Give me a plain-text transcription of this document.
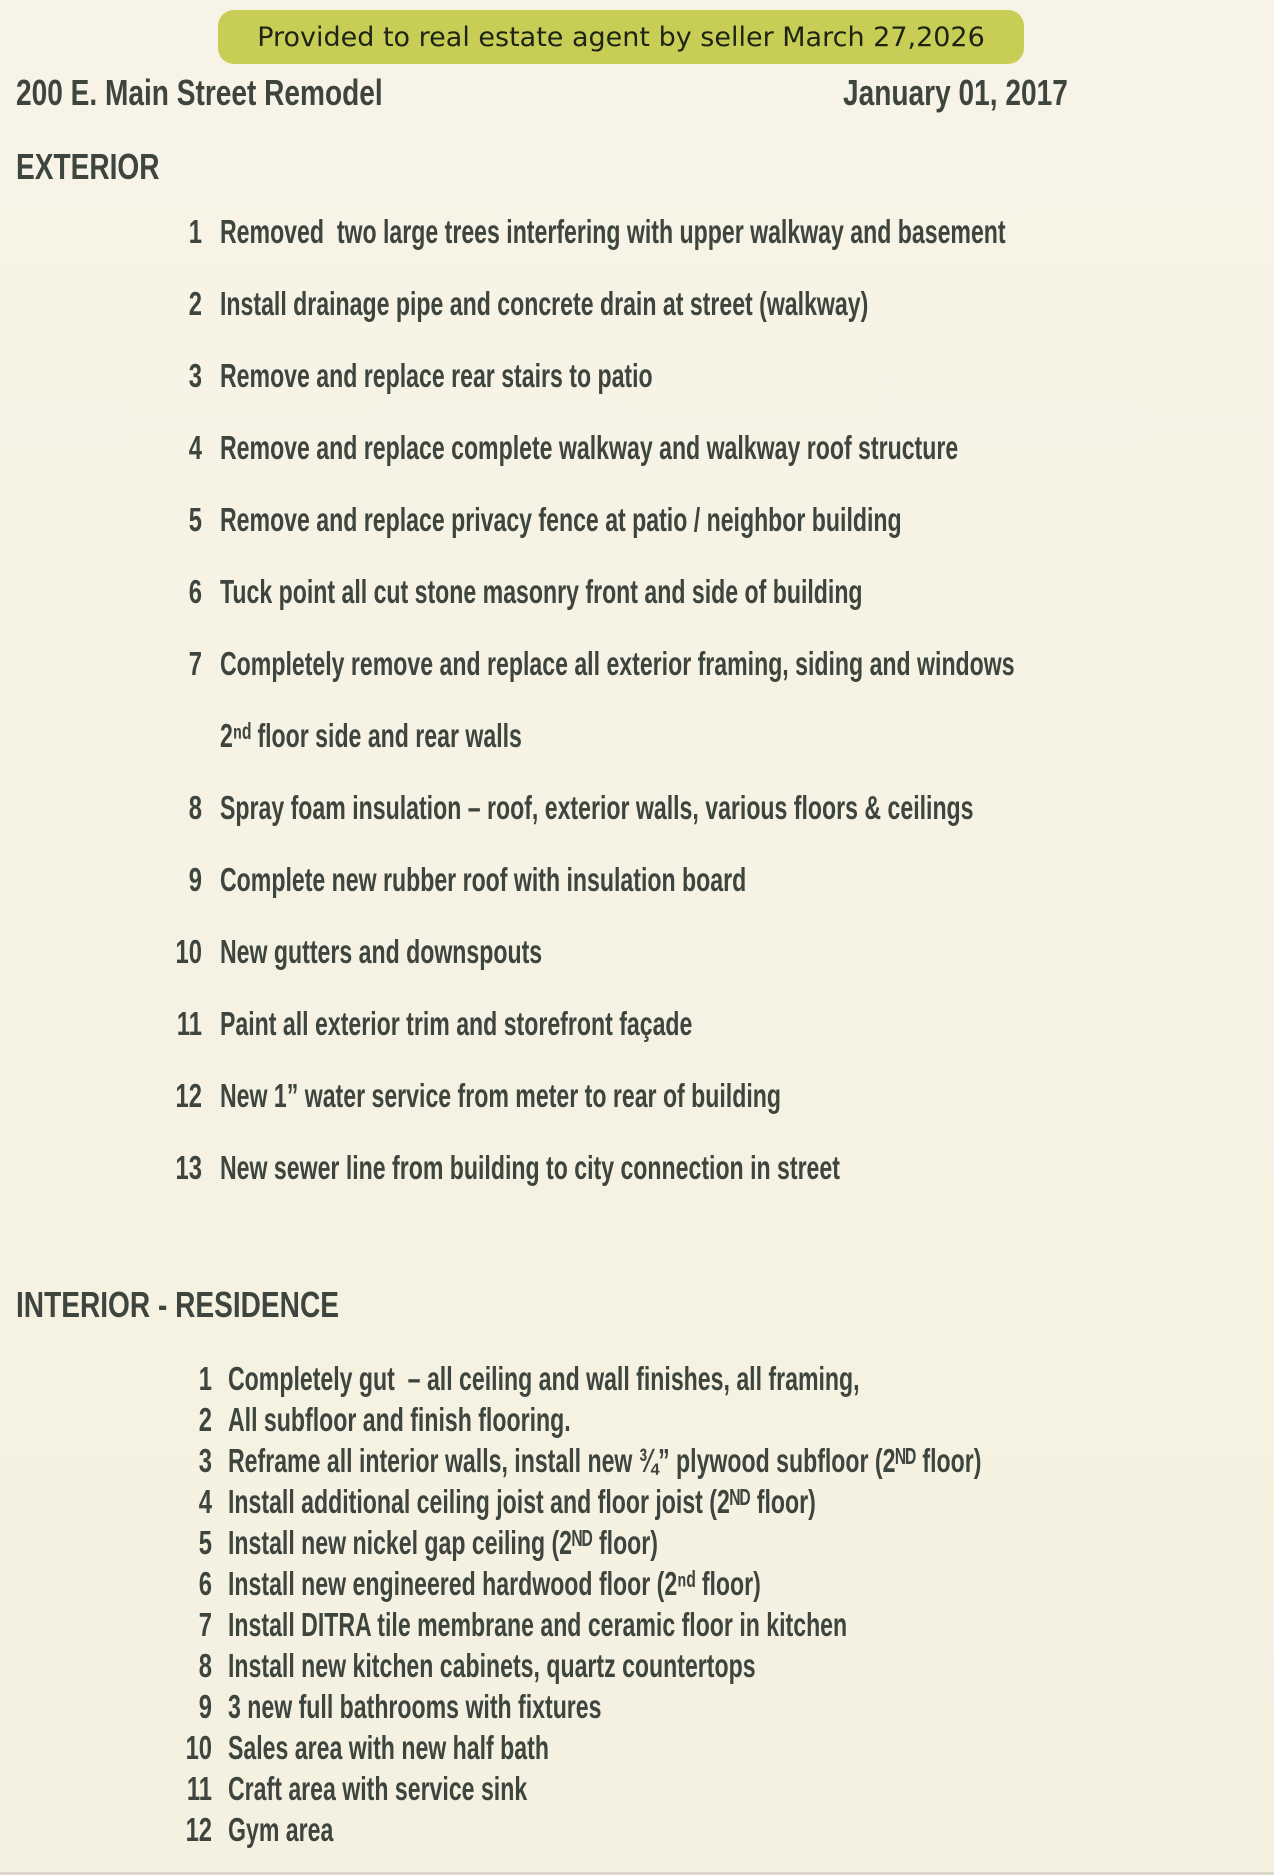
Provided to real estate agent by seller March 27,2026
200 E. Main Street Remodel	January 01, 2017
EXTERIOR
1 Removed  two large trees interfering with upper walkway and basement
2 Install drainage pipe and concrete drain at street (walkway)
3 Remove and replace rear stairs to patio
4 Remove and replace complete walkway and walkway roof structure
5 Remove and replace privacy fence at patio / neighbor building
6 Tuck point all cut stone masonry front and side of building
7 Completely remove and replace all exterior framing, siding and windows
2ⁿᵈ floor side and rear walls
8 Spray foam insulation – roof, exterior walls, various floors & ceilings
9 Complete new rubber roof with insulation board
10 New gutters and downspouts
11 Paint all exterior trim and storefront façade
12 New 1” water service from meter to rear of building
13 New sewer line from building to city connection in street
INTERIOR - RESIDENCE
1 Completely gut  – all ceiling and wall finishes, all framing,
2 All subfloor and finish flooring.
3 Reframe all interior walls, install new ¾” plywood subfloor (2ᴺᴰ floor)
4 Install additional ceiling joist and floor joist (2ᴺᴰ floor)
5 Install new nickel gap ceiling (2ᴺᴰ floor)
6 Install new engineered hardwood floor (2ⁿᵈ floor)
7 Install DITRA tile membrane and ceramic floor in kitchen
8 Install new kitchen cabinets, quartz countertops
9 3 new full bathrooms with fixtures
10 Sales area with new half bath
11 Craft area with service sink
12 Gym area
